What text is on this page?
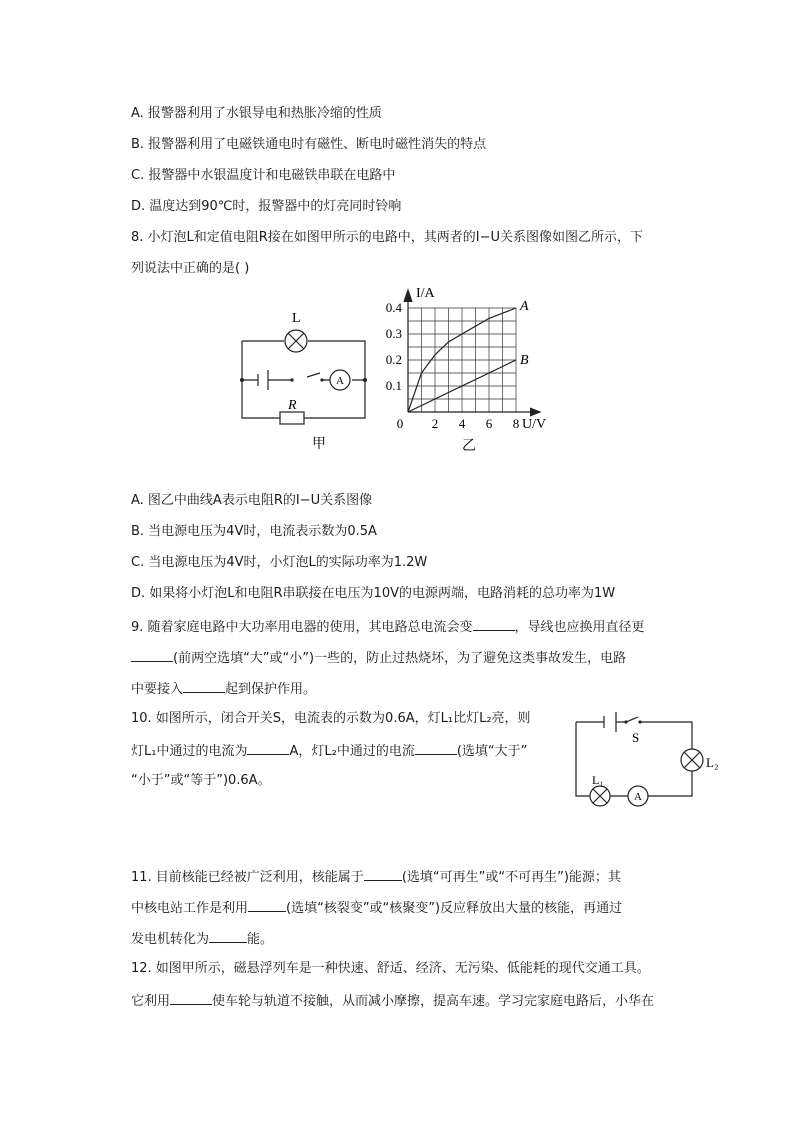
A. 报警器利用了水银导电和热胀冷缩的性质
B. 报警器利用了电磁铁通电时有磁性、断电时磁性消失的特点
C. 报警器中水银温度计和电磁铁串联在电路中
D. 温度达到90℃时，报警器中的灯亮同时铃响
8. 小灯泡L和定值电阻R接在如图甲所示的电路中，其两者的I−U关系图像如图乙所示，下
列说法中正确的是( )
L
A
R
甲
I/A
U/V
0 2 4 6 8
0.1
0.2
0.3
0.4	A
B
乙
A. 图乙中曲线A表示电阻R的I−U关系图像
B. 当电源电压为4V时，电流表示数为0.5A
C. 当电源电压为4V时，小灯泡L的实际功率为1.2W
D. 如果将小灯泡L和电阻R串联接在电压为10V的电源两端，电路消耗的总功率为1W
9. 随着家庭电路中大功率用电器的使用，其电路总电流会变	，导线也应换用直径更
(前两空选填“大”或“小”)一些的，防止过热烧坏，为了避免这类事故发生，电路
中要接入	起到保护作用。
10. 如图所示，闭合开关S，电流表的示数为0.6A，灯L₁比灯L₂亮，则
灯L₁中通过的电流为	A，灯L₂中通过的电流	(选填“大于”
“小于”或“等于”)0.6A。
S
A
L₁
L₂
11. 目前核能已经被广泛利用，核能属于	(选填“可再生”或“不可再生”)能源；其
中核电站工作是利用	(选填“核裂变”或“核聚变”)反应释放出大量的核能，再通过
发电机转化为	能。
12. 如图甲所示，磁悬浮列车是一种快速、舒适、经济、无污染、低能耗的现代交通工具。
它利用	使车轮与轨道不接触，从而减小摩擦，提高车速。学习完家庭电路后，小华在
